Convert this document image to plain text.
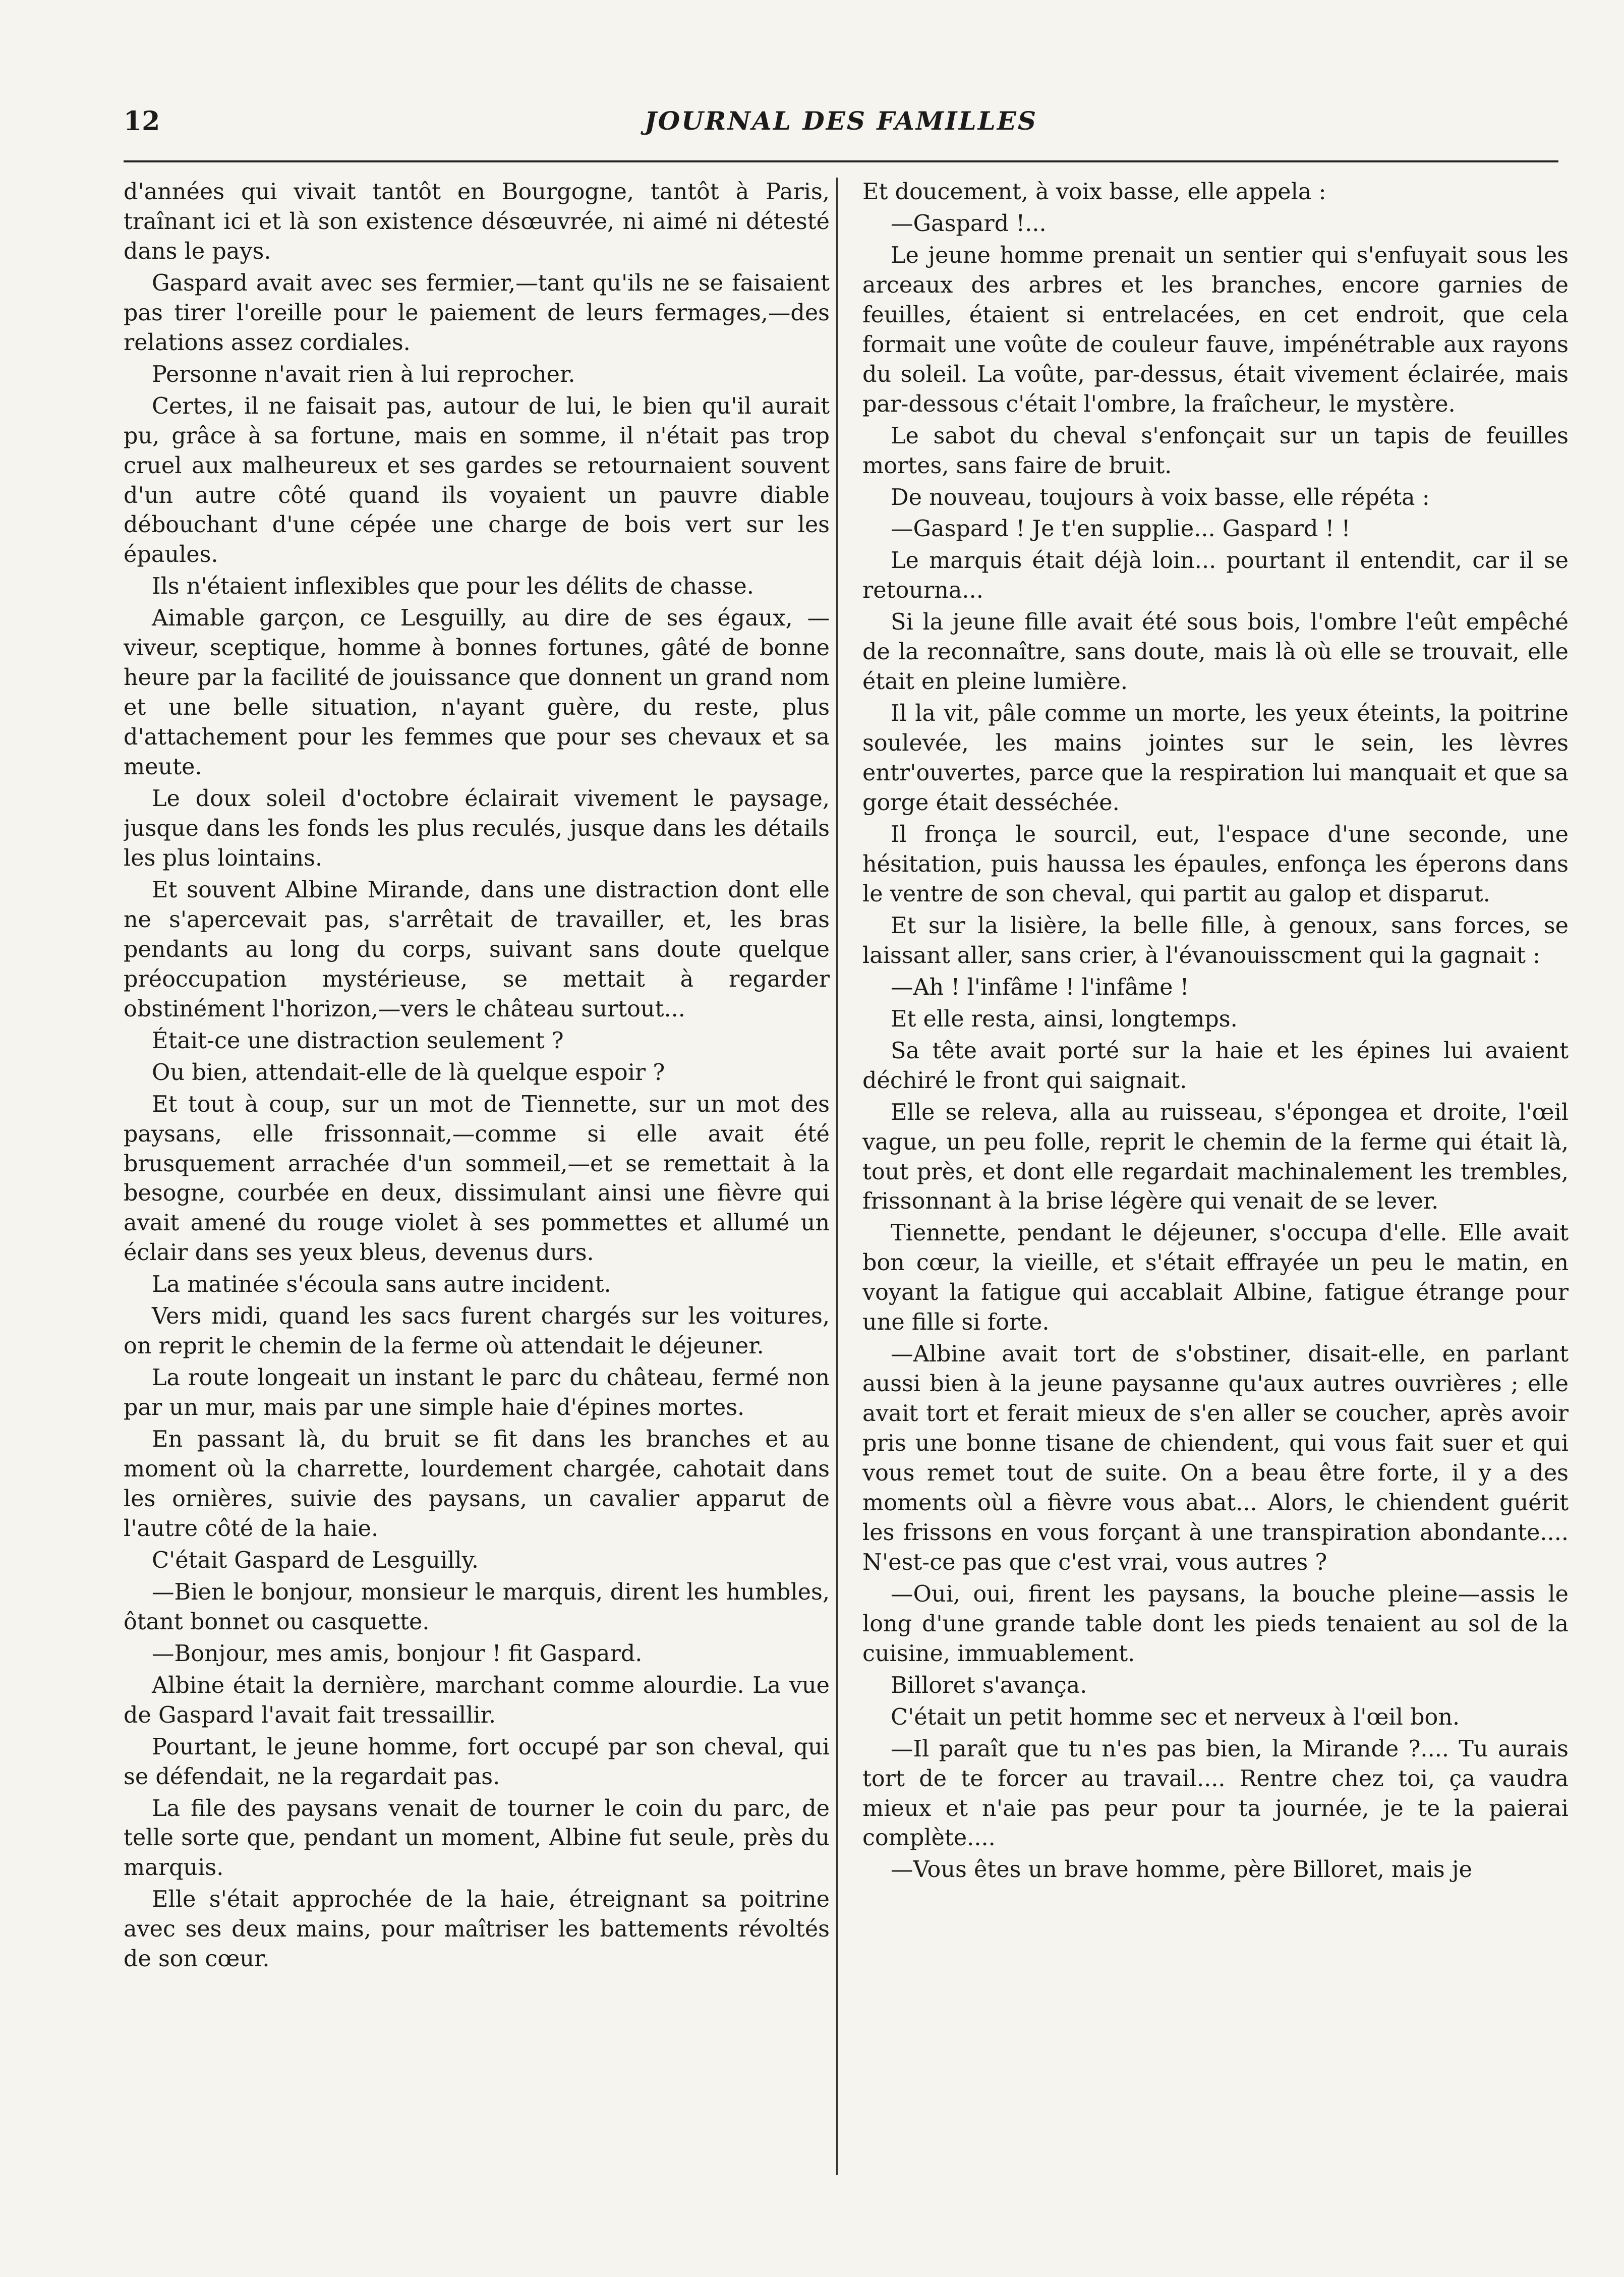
12	JOURNAL DES FAMILLES

d'années qui vivait tantôt en Bourgogne, tantôt à Paris, traînant ici et là son existence désœuvrée, ni aimé ni détesté dans le pays.

Gaspard avait avec ses fermier,—tant qu'ils ne se faisaient pas tirer l'oreille pour le paiement de leurs fermages,—des relations assez cordiales.

Personne n'avait rien à lui reprocher.

Certes, il ne faisait pas, autour de lui, le bien qu'il aurait pu, grâce à sa fortune, mais en somme, il n'était pas trop cruel aux malheureux et ses gardes se retournaient souvent d'un autre côté quand ils voyaient un pauvre diable débouchant d'une cépée une charge de bois vert sur les épaules.

Ils n'étaient inflexibles que pour les délits de chasse.

Aimable garçon, ce Lesguilly, au dire de ses égaux, —viveur, sceptique, homme à bonnes fortunes, gâté de bonne heure par la facilité de jouissance que donnent un grand nom et une belle situation, n'ayant guère, du reste, plus d'attachement pour les femmes que pour ses chevaux et sa meute.

Le doux soleil d'octobre éclairait vivement le paysage, jusque dans les fonds les plus reculés, jusque dans les détails les plus lointains.

Et souvent Albine Mirande, dans une distraction dont elle ne s'apercevait pas, s'arrêtait de travailler, et, les bras pendants au long du corps, suivant sans doute quelque préoccupation mystérieuse, se mettait à regarder obstinément l'horizon,—vers le château surtout...

Était-ce une distraction seulement ?

Ou bien, attendait-elle de là quelque espoir ?

Et tout à coup, sur un mot de Tiennette, sur un mot des paysans, elle frissonnait,—comme si elle avait été brusquement arrachée d'un sommeil,—et se remettait à la besogne, courbée en deux, dissimulant ainsi une fièvre qui avait amené du rouge violet à ses pommettes et allumé un éclair dans ses yeux bleus, devenus durs.

La matinée s'écoula sans autre incident.

Vers midi, quand les sacs furent chargés sur les voitures, on reprit le chemin de la ferme où attendait le déjeuner.

La route longeait un instant le parc du château, fermé non par un mur, mais par une simple haie d'épines mortes.

En passant là, du bruit se fit dans les branches et au moment où la charrette, lourdement chargée, cahotait dans les ornières, suivie des paysans, un cavalier apparut de l'autre côté de la haie.

C'était Gaspard de Lesguilly.

—Bien le bonjour, monsieur le marquis, dirent les humbles, ôtant bonnet ou casquette.

—Bonjour, mes amis, bonjour ! fit Gaspard.

Albine était la dernière, marchant comme alourdie. La vue de Gaspard l'avait fait tressaillir.

Pourtant, le jeune homme, fort occupé par son cheval, qui se défendait, ne la regardait pas.

La file des paysans venait de tourner le coin du parc, de telle sorte que, pendant un moment, Albine fut seule, près du marquis.

Elle s'était approchée de la haie, étreignant sa poitrine avec ses deux mains, pour maîtriser les battements révoltés de son cœur.

Et doucement, à voix basse, elle appela :

—Gaspard !...

Le jeune homme prenait un sentier qui s'enfuyait sous les arceaux des arbres et les branches, encore garnies de feuilles, étaient si entrelacées, en cet endroit, que cela formait une voûte de couleur fauve, impénétrable aux rayons du soleil. La voûte, par-dessus, était vivement éclairée, mais par-dessous c'était l'ombre, la fraîcheur, le mystère.

Le sabot du cheval s'enfonçait sur un tapis de feuilles mortes, sans faire de bruit.

De nouveau, toujours à voix basse, elle répéta :

—Gaspard ! Je t'en supplie... Gaspard ! !

Le marquis était déjà loin... pourtant il entendit, car il se retourna...

Si la jeune fille avait été sous bois, l'ombre l'eût empêché de la reconnaître, sans doute, mais là où elle se trouvait, elle était en pleine lumière.

Il la vit, pâle comme un morte, les yeux éteints, la poitrine soulevée, les mains jointes sur le sein, les lèvres entr'ouvertes, parce que la respiration lui manquait et que sa gorge était desséchée.

Il fronça le sourcil, eut, l'espace d'une seconde, une hésitation, puis haussa les épaules, enfonça les éperons dans le ventre de son cheval, qui partit au galop et disparut.

Et sur la lisière, la belle fille, à genoux, sans forces, se laissant aller, sans crier, à l'évanouisscment qui la gagnait :

—Ah ! l'infâme ! l'infâme !

Et elle resta, ainsi, longtemps.

Sa tête avait porté sur la haie et les épines lui avaient déchiré le front qui saignait.

Elle se releva, alla au ruisseau, s'épongea et droite, l'œil vague, un peu folle, reprit le chemin de la ferme qui était là, tout près, et dont elle regardait machinalement les trembles, frissonnant à la brise légère qui venait de se lever.

Tiennette, pendant le déjeuner, s'occupa d'elle. Elle avait bon cœur, la vieille, et s'était effrayée un peu le matin, en voyant la fatigue qui accablait Albine, fatigue étrange pour une fille si forte.

—Albine avait tort de s'obstiner, disait-elle, en parlant aussi bien à la jeune paysanne qu'aux autres ouvrières ; elle avait tort et ferait mieux de s'en aller se coucher, après avoir pris une bonne tisane de chiendent, qui vous fait suer et qui vous remet tout de suite. On a beau être forte, il y a des moments oùl a fièvre vous abat... Alors, le chiendent guérit les frissons en vous forçant à une transpiration abondante.... N'est-ce pas que c'est vrai, vous autres ?

—Oui, oui, firent les paysans, la bouche pleine—assis le long d'une grande table dont les pieds tenaient au sol de la cuisine, immuablement.

Billoret s'avança.

C'était un petit homme sec et nerveux à l'œil bon.

—Il paraît que tu n'es pas bien, la Mirande ?.... Tu aurais tort de te forcer au travail.... Rentre chez toi, ça vaudra mieux et n'aie pas peur pour ta journée, je te la paierai complète....

—Vous êtes un brave homme, père Billoret, mais je
